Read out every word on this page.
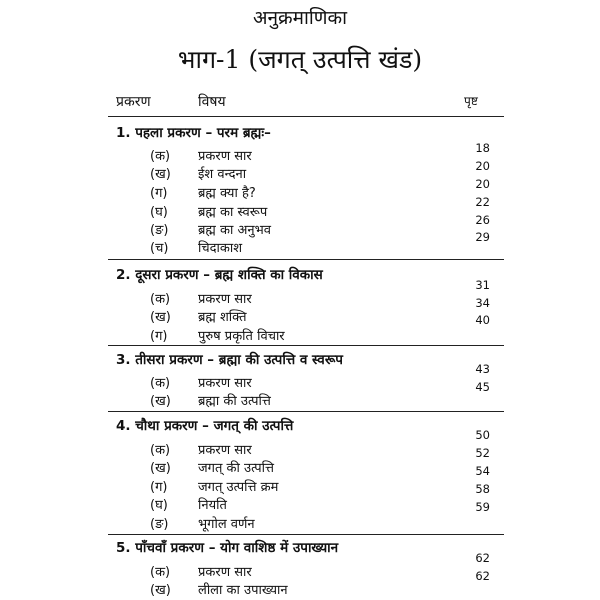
अनुक्रमाणिका
भाग-1 (जगत् उत्पत्ति खंड)
प्रकरण	विषय	पृष्ट
1. पहला प्रकरण – परम ब्रह्मः–
(क) प्रकरण सार
18
(ख) ईश वन्दना
20
(ग) ब्रह्म क्या है?
20
(घ) ब्रह्म का स्वरूप
22
(ङ) ब्रह्म का अनुभव
26
(च) चिदाकाश
29
2. दूसरा प्रकरण – ब्रह्म शक्ति का विकास
(क) प्रकरण सार
31
(ख) ब्रह्म शक्ति
34
(ग) पुरुष प्रकृति विचार
40
3. तीसरा प्रकरण – ब्रह्मा की उत्पत्ति व स्वरूप
(क) प्रकरण सार
43
(ख) ब्रह्मा की उत्पत्ति
45
4. चौथा प्रकरण – जगत् की उत्पत्ति
(क) प्रकरण सार
50
(ख) जगत् की उत्पत्ति
52
(ग) जगत् उत्पत्ति क्रम
54
(घ) नियति
58
(ङ) भूगोल वर्णन
59
5. पाँचवाँ प्रकरण – योग वाशिष्ठ में उपाख्यान
(क) प्रकरण सार
62
(ख) लीला का उपाख्यान
62
